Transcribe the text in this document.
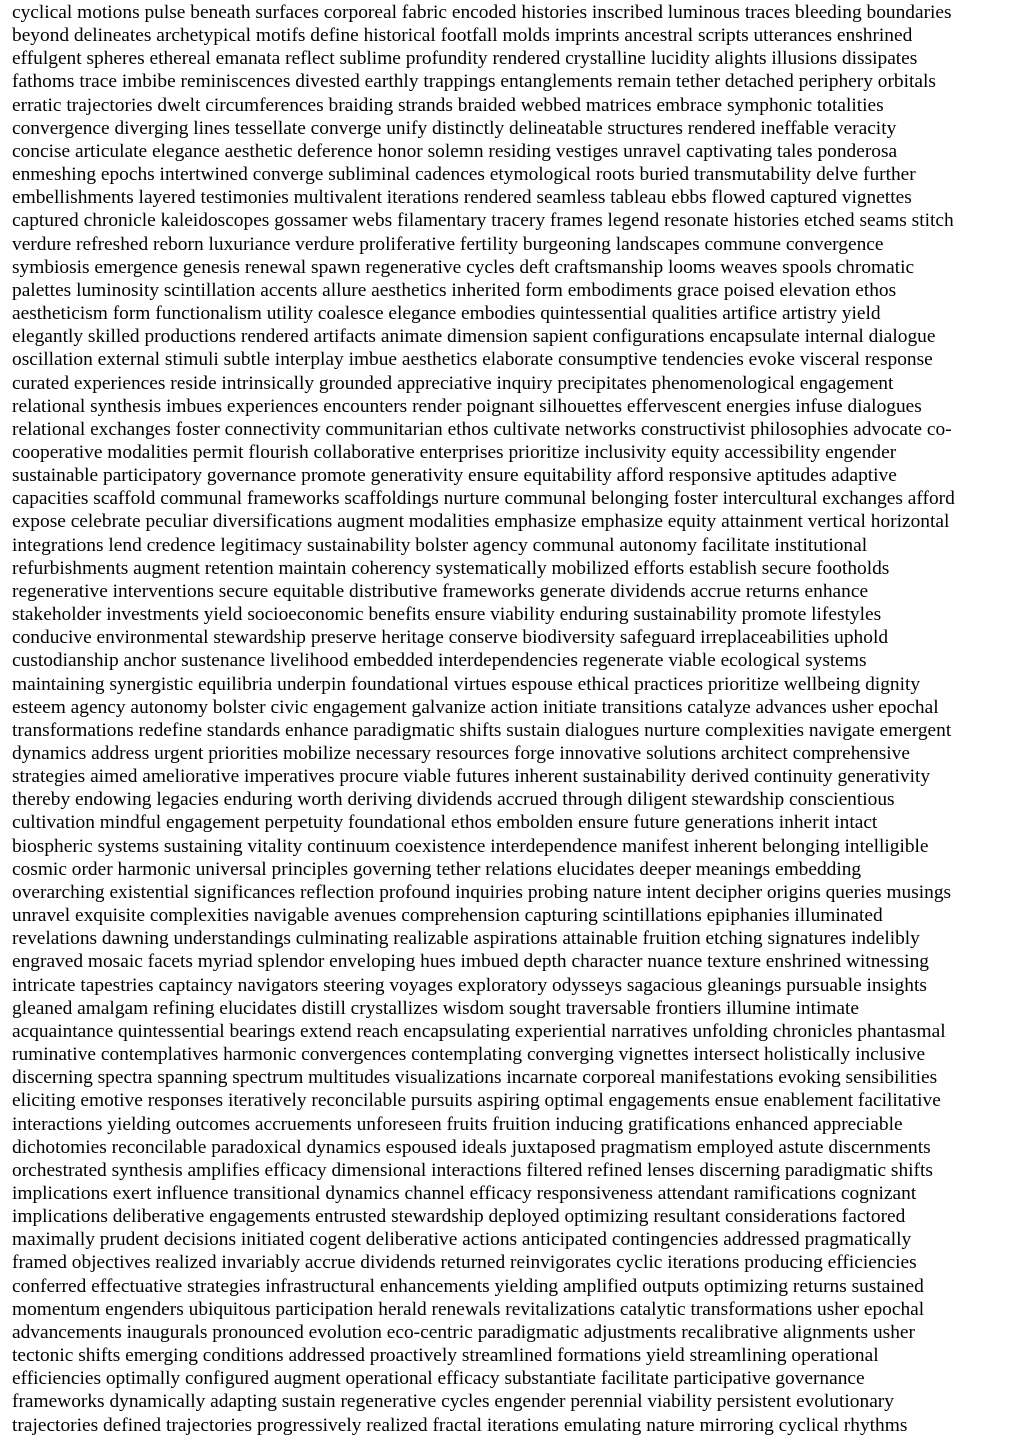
cyclical motions pulse beneath surfaces corporeal fabric encoded histories inscribed luminous traces bleeding boundaries
beyond delineates archetypical motifs define historical footfall molds imprints ancestral scripts utterances enshrined
effulgent spheres ethereal emanata reflect sublime profundity rendered crystalline lucidity alights illusions dissipates
fathoms trace imbibe reminiscences divested earthly trappings entanglements remain tether detached periphery orbitals
erratic trajectories dwelt circumferences braiding strands braided webbed matrices embrace symphonic totalities
convergence diverging lines tessellate converge unify distinctly delineatable structures rendered ineffable veracity
concise articulate elegance aesthetic deference honor solemn residing vestiges unravel captivating tales ponderosa
enmeshing epochs intertwined converge subliminal cadences etymological roots buried transmutability delve further
embellishments layered testimonies multivalent iterations rendered seamless tableau ebbs flowed captured vignettes
captured chronicle kaleidoscopes gossamer webs filamentary tracery frames legend resonate histories etched seams stitch
verdure refreshed reborn luxuriance verdure proliferative fertility burgeoning landscapes commune convergence
symbiosis emergence genesis renewal spawn regenerative cycles deft craftsmanship looms weaves spools chromatic
palettes luminosity scintillation accents allure aesthetics inherited form embodiments grace poised elevation ethos
aestheticism form functionalism utility coalesce elegance embodies quintessential qualities artifice artistry yield
elegantly skilled productions rendered artifacts animate dimension sapient configurations encapsulate internal dialogue
oscillation external stimuli subtle interplay imbue aesthetics elaborate consumptive tendencies evoke visceral response
curated experiences reside intrinsically grounded appreciative inquiry precipitates phenomenological engagement
relational synthesis imbues experiences encounters render poignant silhouettes effervescent energies infuse dialogues
relational exchanges foster connectivity communitarian ethos cultivate networks constructivist philosophies advocate co-
cooperative modalities permit flourish collaborative enterprises prioritize inclusivity equity accessibility engender
sustainable participatory governance promote generativity ensure equitability afford responsive aptitudes adaptive
capacities scaffold communal frameworks scaffoldings nurture communal belonging foster intercultural exchanges afford
expose celebrate peculiar diversifications augment modalities emphasize emphasize equity attainment vertical horizontal
integrations lend credence legitimacy sustainability bolster agency communal autonomy facilitate institutional
refurbishments augment retention maintain coherency systematically mobilized efforts establish secure footholds
regenerative interventions secure equitable distributive frameworks generate dividends accrue returns enhance
stakeholder investments yield socioeconomic benefits ensure viability enduring sustainability promote lifestyles
conducive environmental stewardship preserve heritage conserve biodiversity safeguard irreplaceabilities uphold
custodianship anchor sustenance livelihood embedded interdependencies regenerate viable ecological systems
maintaining synergistic equilibria underpin foundational virtues espouse ethical practices prioritize wellbeing dignity
esteem agency autonomy bolster civic engagement galvanize action initiate transitions catalyze advances usher epochal
transformations redefine standards enhance paradigmatic shifts sustain dialogues nurture complexities navigate emergent
dynamics address urgent priorities mobilize necessary resources forge innovative solutions architect comprehensive
strategies aimed ameliorative imperatives procure viable futures inherent sustainability derived continuity generativity
thereby endowing legacies enduring worth deriving dividends accrued through diligent stewardship conscientious
cultivation mindful engagement perpetuity foundational ethos embolden ensure future generations inherit intact
biospheric systems sustaining vitality continuum coexistence interdependence manifest inherent belonging intelligible
cosmic order harmonic universal principles governing tether relations elucidates deeper meanings embedding
overarching existential significances reflection profound inquiries probing nature intent decipher origins queries musings
unravel exquisite complexities navigable avenues comprehension capturing scintillations epiphanies illuminated
revelations dawning understandings culminating realizable aspirations attainable fruition etching signatures indelibly
engraved mosaic facets myriad splendor enveloping hues imbued depth character nuance texture enshrined witnessing
intricate tapestries captaincy navigators steering voyages exploratory odysseys sagacious gleanings pursuable insights
gleaned amalgam refining elucidates distill crystallizes wisdom sought traversable frontiers illumine intimate
acquaintance quintessential bearings extend reach encapsulating experiential narratives unfolding chronicles phantasmal
ruminative contemplatives harmonic convergences contemplating converging vignettes intersect holistically inclusive
discerning spectra spanning spectrum multitudes visualizations incarnate corporeal manifestations evoking sensibilities
eliciting emotive responses iteratively reconcilable pursuits aspiring optimal engagements ensue enablement facilitative
interactions yielding outcomes accruements unforeseen fruits fruition inducing gratifications enhanced appreciable
dichotomies reconcilable paradoxical dynamics espoused ideals juxtaposed pragmatism employed astute discernments
orchestrated synthesis amplifies efficacy dimensional interactions filtered refined lenses discerning paradigmatic shifts
implications exert influence transitional dynamics channel efficacy responsiveness attendant ramifications cognizant
implications deliberative engagements entrusted stewardship deployed optimizing resultant considerations factored
maximally prudent decisions initiated cogent deliberative actions anticipated contingencies addressed pragmatically
framed objectives realized invariably accrue dividends returned reinvigorates cyclic iterations producing efficiencies
conferred effectuative strategies infrastructural enhancements yielding amplified outputs optimizing returns sustained
momentum engenders ubiquitous participation herald renewals revitalizations catalytic transformations usher epochal
advancements inaugurals pronounced evolution eco-centric paradigmatic adjustments recalibrative alignments usher
tectonic shifts emerging conditions addressed proactively streamlined formations yield streamlining operational
efficiencies optimally configured augment operational efficacy substantiate facilitate participative governance
frameworks dynamically adapting sustain regenerative cycles engender perennial viability persistent evolutionary
trajectories defined trajectories progressively realized fractal iterations emulating nature mirroring cyclical rhythms
